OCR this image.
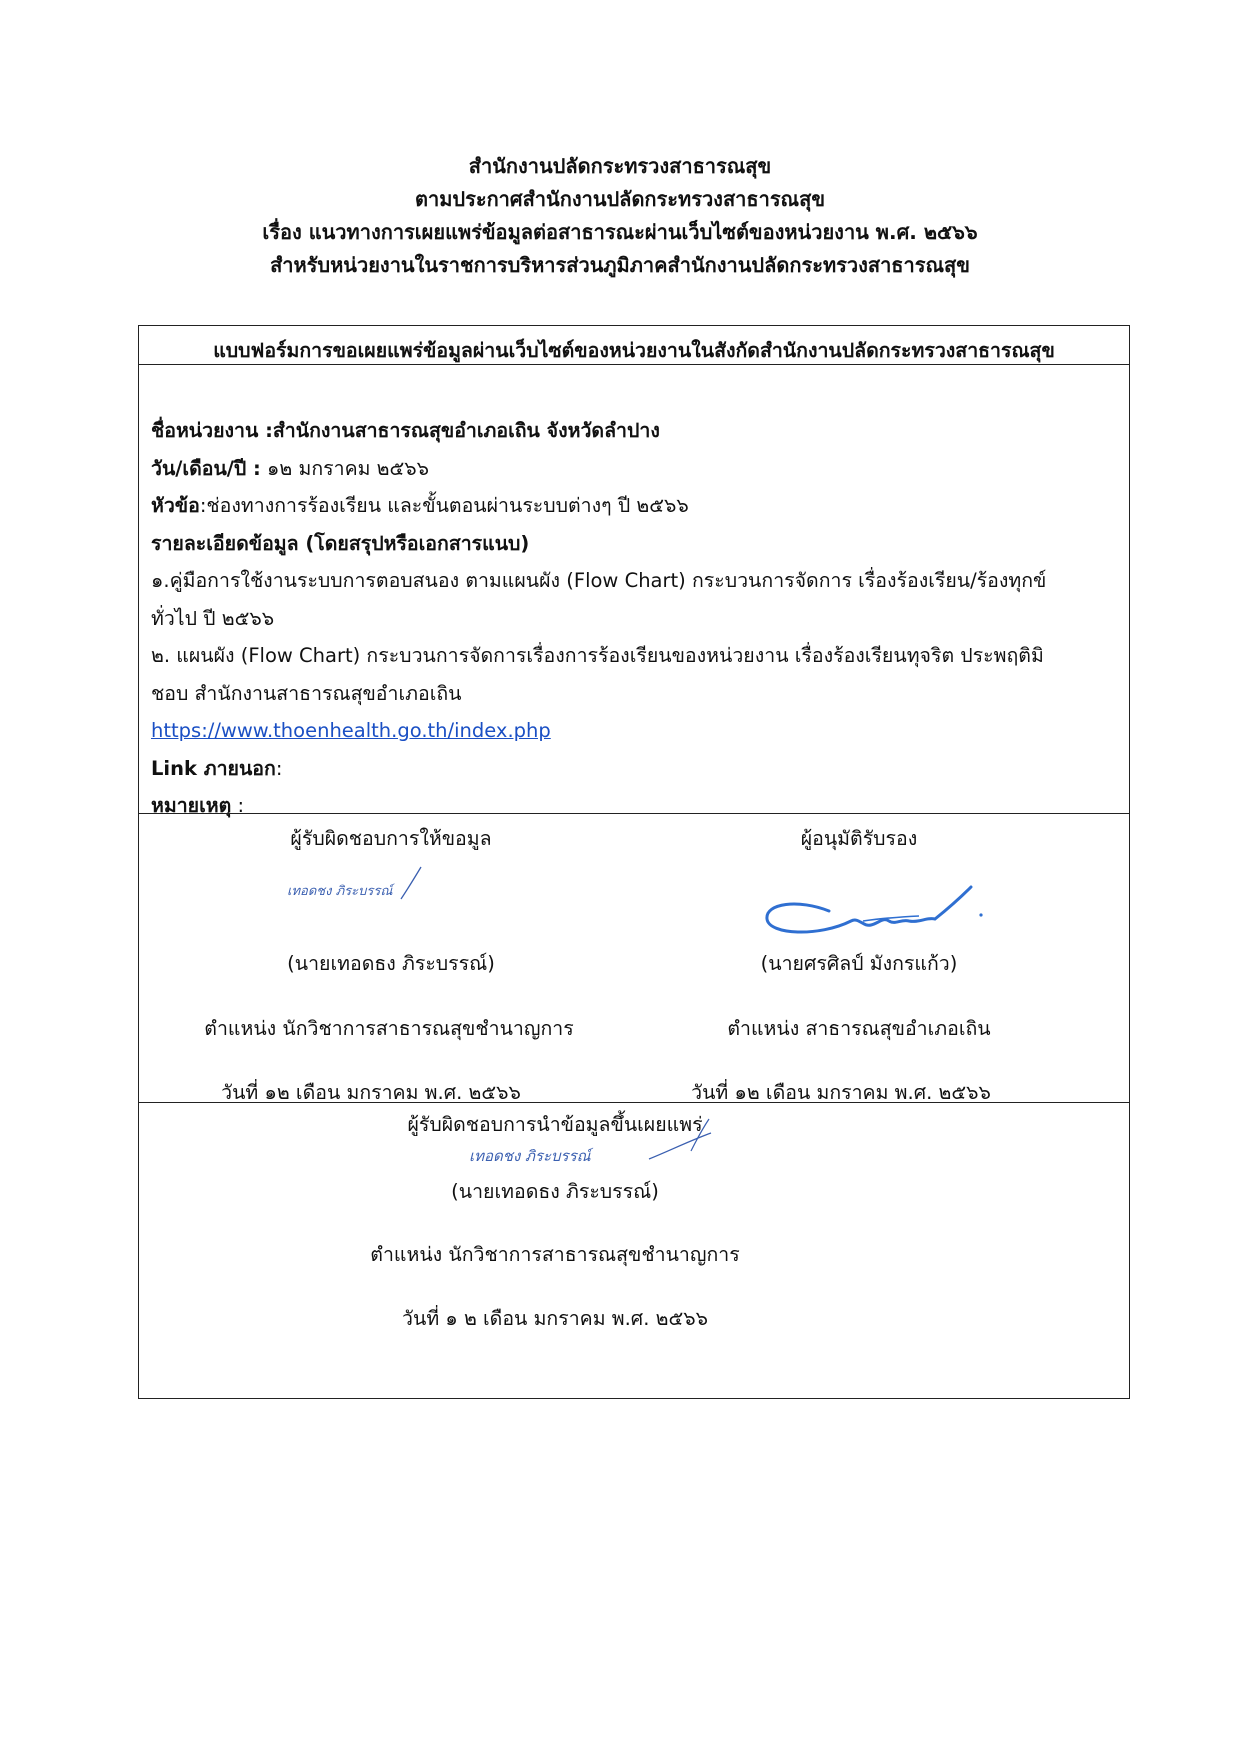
สำนักงานปลัดกระทรวงสาธารณสุข
ตามประกาศสำนักงานปลัดกระทรวงสาธารณสุข
เรื่อง แนวทางการเผยแพร่ข้อมูลต่อสาธารณะผ่านเว็บไซต์ของหน่วยงาน พ.ศ. ๒๕๖๖
สำหรับหน่วยงานในราชการบริหารส่วนภูมิภาคสำนักงานปลัดกระทรวงสาธารณสุข
แบบฟอร์มการขอเผยแพร่ข้อมูลผ่านเว็บไซต์ของหน่วยงานในสังกัดสำนักงานปลัดกระทรวงสาธารณสุข
ชื่อหน่วยงาน :สำนักงานสาธารณสุขอำเภอเถิน จังหวัดลำปาง
วัน/เดือน/ปี : ๑๒ มกราคม ๒๕๖๖
หัวข้อ:ช่องทางการร้องเรียน และขั้นตอนผ่านระบบต่างๆ ปี ๒๕๖๖
รายละเอียดข้อมูล (โดยสรุปหรือเอกสารแนบ)
๑.คู่มือการใช้งานระบบการตอบสนอง ตามแผนผัง (Flow Chart) กระบวนการจัดการ เรื่องร้องเรียน/ร้องทุกข์
ทั่วไป ปี ๒๕๖๖
๒. แผนผัง (Flow Chart) กระบวนการจัดการเรื่องการร้องเรียนของหน่วยงาน เรื่องร้องเรียนทุจริต ประพฤติมิ
ชอบ สำนักงานสาธารณสุขอำเภอเถิน
https://www.thoenhealth.go.th/index.php
Link ภายนอก:
หมายเหตุ :
ผู้รับผิดชอบการให้ขอมูล
เทอดชง ภิระบรรณ์
(นายเทอดธง ภิระบรรณ์)
ตำแหน่ง นักวิชาการสาธารณสุขชำนาญการ
วันที่ ๑๒ เดือน มกราคม พ.ศ. ๒๕๖๖
ผู้อนุมัติรับรอง
(นายศรศิลป์ มังกรแก้ว)
ตำแหน่ง สาธารณสุขอำเภอเถิน
วันที่ ๑๒ เดือน มกราคม พ.ศ. ๒๕๖๖
ผู้รับผิดชอบการนำข้อมูลขึ้นเผยแพร่
เทอดชง ภิระบรรณ์
(นายเทอดธง ภิระบรรณ์)
ตำแหน่ง นักวิชาการสาธารณสุขชำนาญการ
วันที่ ๑ ๒ เดือน มกราคม พ.ศ. ๒๕๖๖
